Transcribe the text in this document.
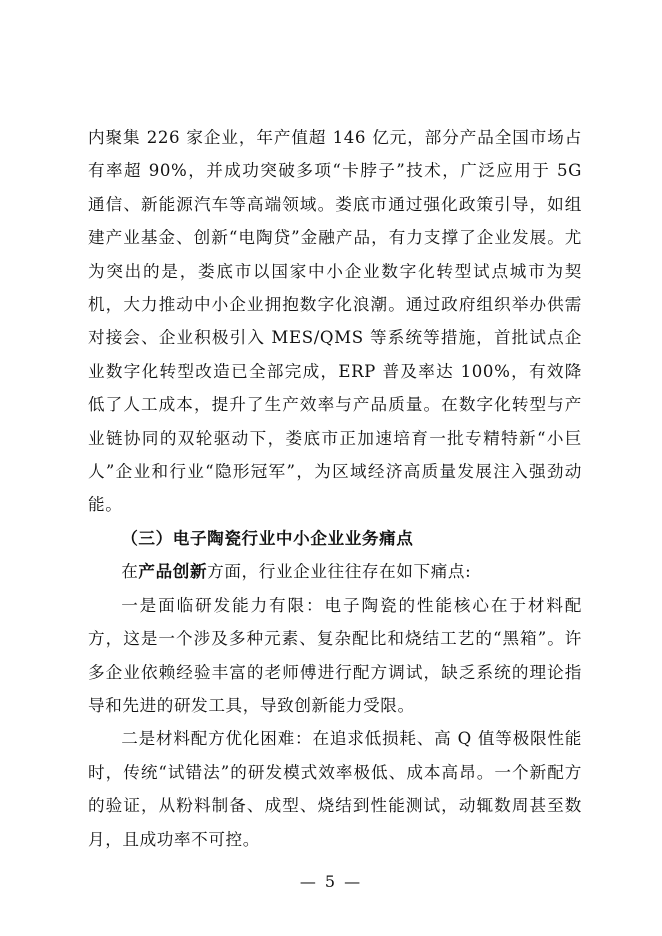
内聚集 226 家企业，年产值超 146 亿元，部分产品全国市场占有率超 90%，并成功突破多项“卡脖子”技术，广泛应用于 5G 通信、新能源汽车等高端领域。娄底市通过强化政策引导，如组建产业基金、创新“电陶贷”金融产品，有力支撑了企业发展。尤为突出的是，娄底市以国家中小企业数字化转型试点城市为契机，大力推动中小企业拥抱数字化浪潮。通过政府组织举办供需对接会、企业积极引入 MES/QMS 等系统等措施，首批试点企业数字化转型改造已全部完成，ERP 普及率达 100%，有效降低了人工成本，提升了生产效率与产品质量。在数字化转型与产业链协同的双轮驱动下，娄底市正加速培育一批专精特新“小巨人”企业和行业“隐形冠军”，为区域经济高质量发展注入强劲动能。

（三）电子陶瓷行业中小企业业务痛点

在产品创新方面，行业企业往往存在如下痛点:

一是面临研发能力有限：电子陶瓷的性能核心在于材料配方，这是一个涉及多种元素、复杂配比和烧结工艺的“黑箱”。许多企业依赖经验丰富的老师傅进行配方调试，缺乏系统的理论指导和先进的研发工具，导致创新能力受限。

二是材料配方优化困难：在追求低损耗、高 Q 值等极限性能时，传统“试错法”的研发模式效率极低、成本高昂。一个新配方的验证，从粉料制备、成型、烧结到性能测试，动辄数周甚至数月，且成功率不可控。

— 5 —
